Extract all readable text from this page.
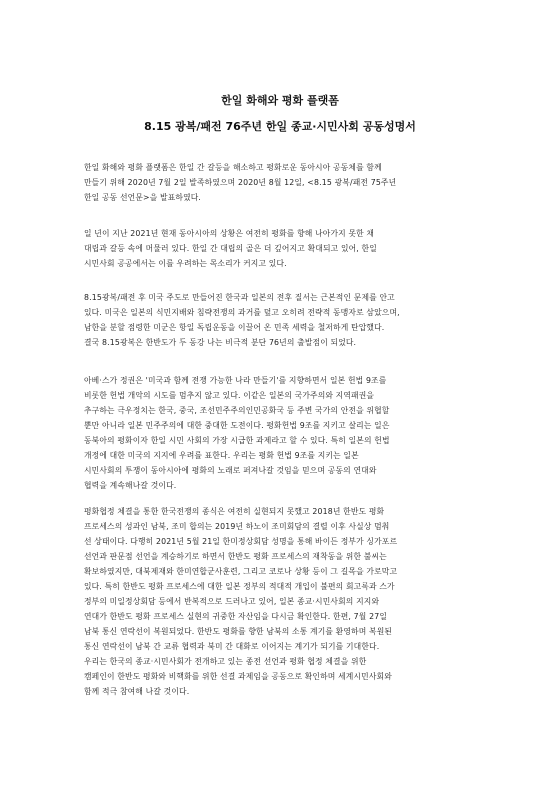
한일 화해와 평화 플랫폼
8.15 광복/패전 76주년 한일 종교·시민사회 공동성명서
한일 화해와 평화 플랫폼은 한일 간 갈등을 해소하고 평화로운 동아시아 공동체를 함께
만들기 위해 2020년 7월 2일 발족하였으며 2020년 8월 12일, <8.15 광복/패전 75주년
한일 공동 선언문>을 발표하였다.
일 년이 지난 2021년 현재 동아시아의 상황은 여전히 평화를 향해 나아가지 못한 채
대립과 갈등 속에 머물러 있다. 한일 간 대립의 골은 더 깊어지고 확대되고 있어, 한일
시민사회 공공에서는 이를 우려하는 목소리가 커지고 있다.
8.15광복/패전 후 미국 주도로 만들어진 한국과 일본의 전후 질서는 근본적인 문제를 안고
있다. 미국은 일본의 식민지배와 침략전쟁의 과거를 덮고 오히려 전략적 동맹자로 삼았으며,
남한을 분할 점령한 미군은 항일 독립운동을 이끌어 온 민족 세력을 철저하게 탄압했다.
결국 8.15광복은 한반도가 두 동강 나는 비극적 분단 76년의 출발점이 되었다.
아베·스가 정권은 '미국과 함께 전쟁 가능한 나라 만들기'를 지향하면서 일본 헌법 9조를
비롯한 헌법 개악의 시도를 멈추지 않고 있다. 이같은 일본의 국가주의와 지역패권을
추구하는 극우정치는 한국, 중국, 조선민주주의인민공화국 등 주변 국가의 안전을 위협할
뿐만 아니라 일본 민주주의에 대한 중대한 도전이다. 평화헌법 9조를 지키고 살리는 일은
동북아의 평화이자 한일 시민 사회의 가장 시급한 과제라고 할 수 있다. 특히 일본의 헌법
개정에 대한 미국의 지지에 우려를 표한다. 우리는 평화 헌법 9조를 지키는 일본
시민사회의 투쟁이 동아시아에 평화의 노래로 퍼져나갈 것임을 믿으며 공동의 연대와
협력을 계속해나갈 것이다.
평화협정 체결을 통한 한국전쟁의 종식은 여전히 실현되지 못했고 2018년 한반도 평화
프로세스의 성과인 남북, 조미 합의는 2019년 하노이 조미회담의 결렬 이후 사실상 멈춰
선 상태이다. 다행히 2021년 5월 21일 한미정상회담 성명을 통해 바이든 정부가 싱가포르
선언과 판문점 선언을 계승하기로 하면서 한반도 평화 프로세스의 재착동을 위한 불씨는
확보하였지만, 대북제재와 한미연합군사훈련, 그리고 코로나 상황 등이 그 길목을 가로막고
있다. 특히 한반도 평화 프로세스에 대한 일본 정부의 적대적 개입이 불편의 회고록과 스가
정부의 미일정상회담 등에서 반복적으로 드러나고 있어, 일본 종교·시민사회의 지지와
연대가 한반도 평화 프로세스 실현의 귀중한 자산임을 다시금 확인한다. 한편, 7월 27일
남북 통신 연락선이 복원되었다. 한반도 평화를 향한 남북의 소통 계기를 환영하며 복원된
통신 연락선이 남북 간 교류 협력과 북미 간 대화로 이어지는 계기가 되기를 기대한다.
우리는 한국의 종교·시민사회가 전개하고 있는 종전 선언과 평화 협정 체결을 위한
캠페인이 한반도 평화와 비핵화를 위한 선결 과제임을 공동으로 확인하며 세계시민사회와
함께 적극 참여해 나갈 것이다.
